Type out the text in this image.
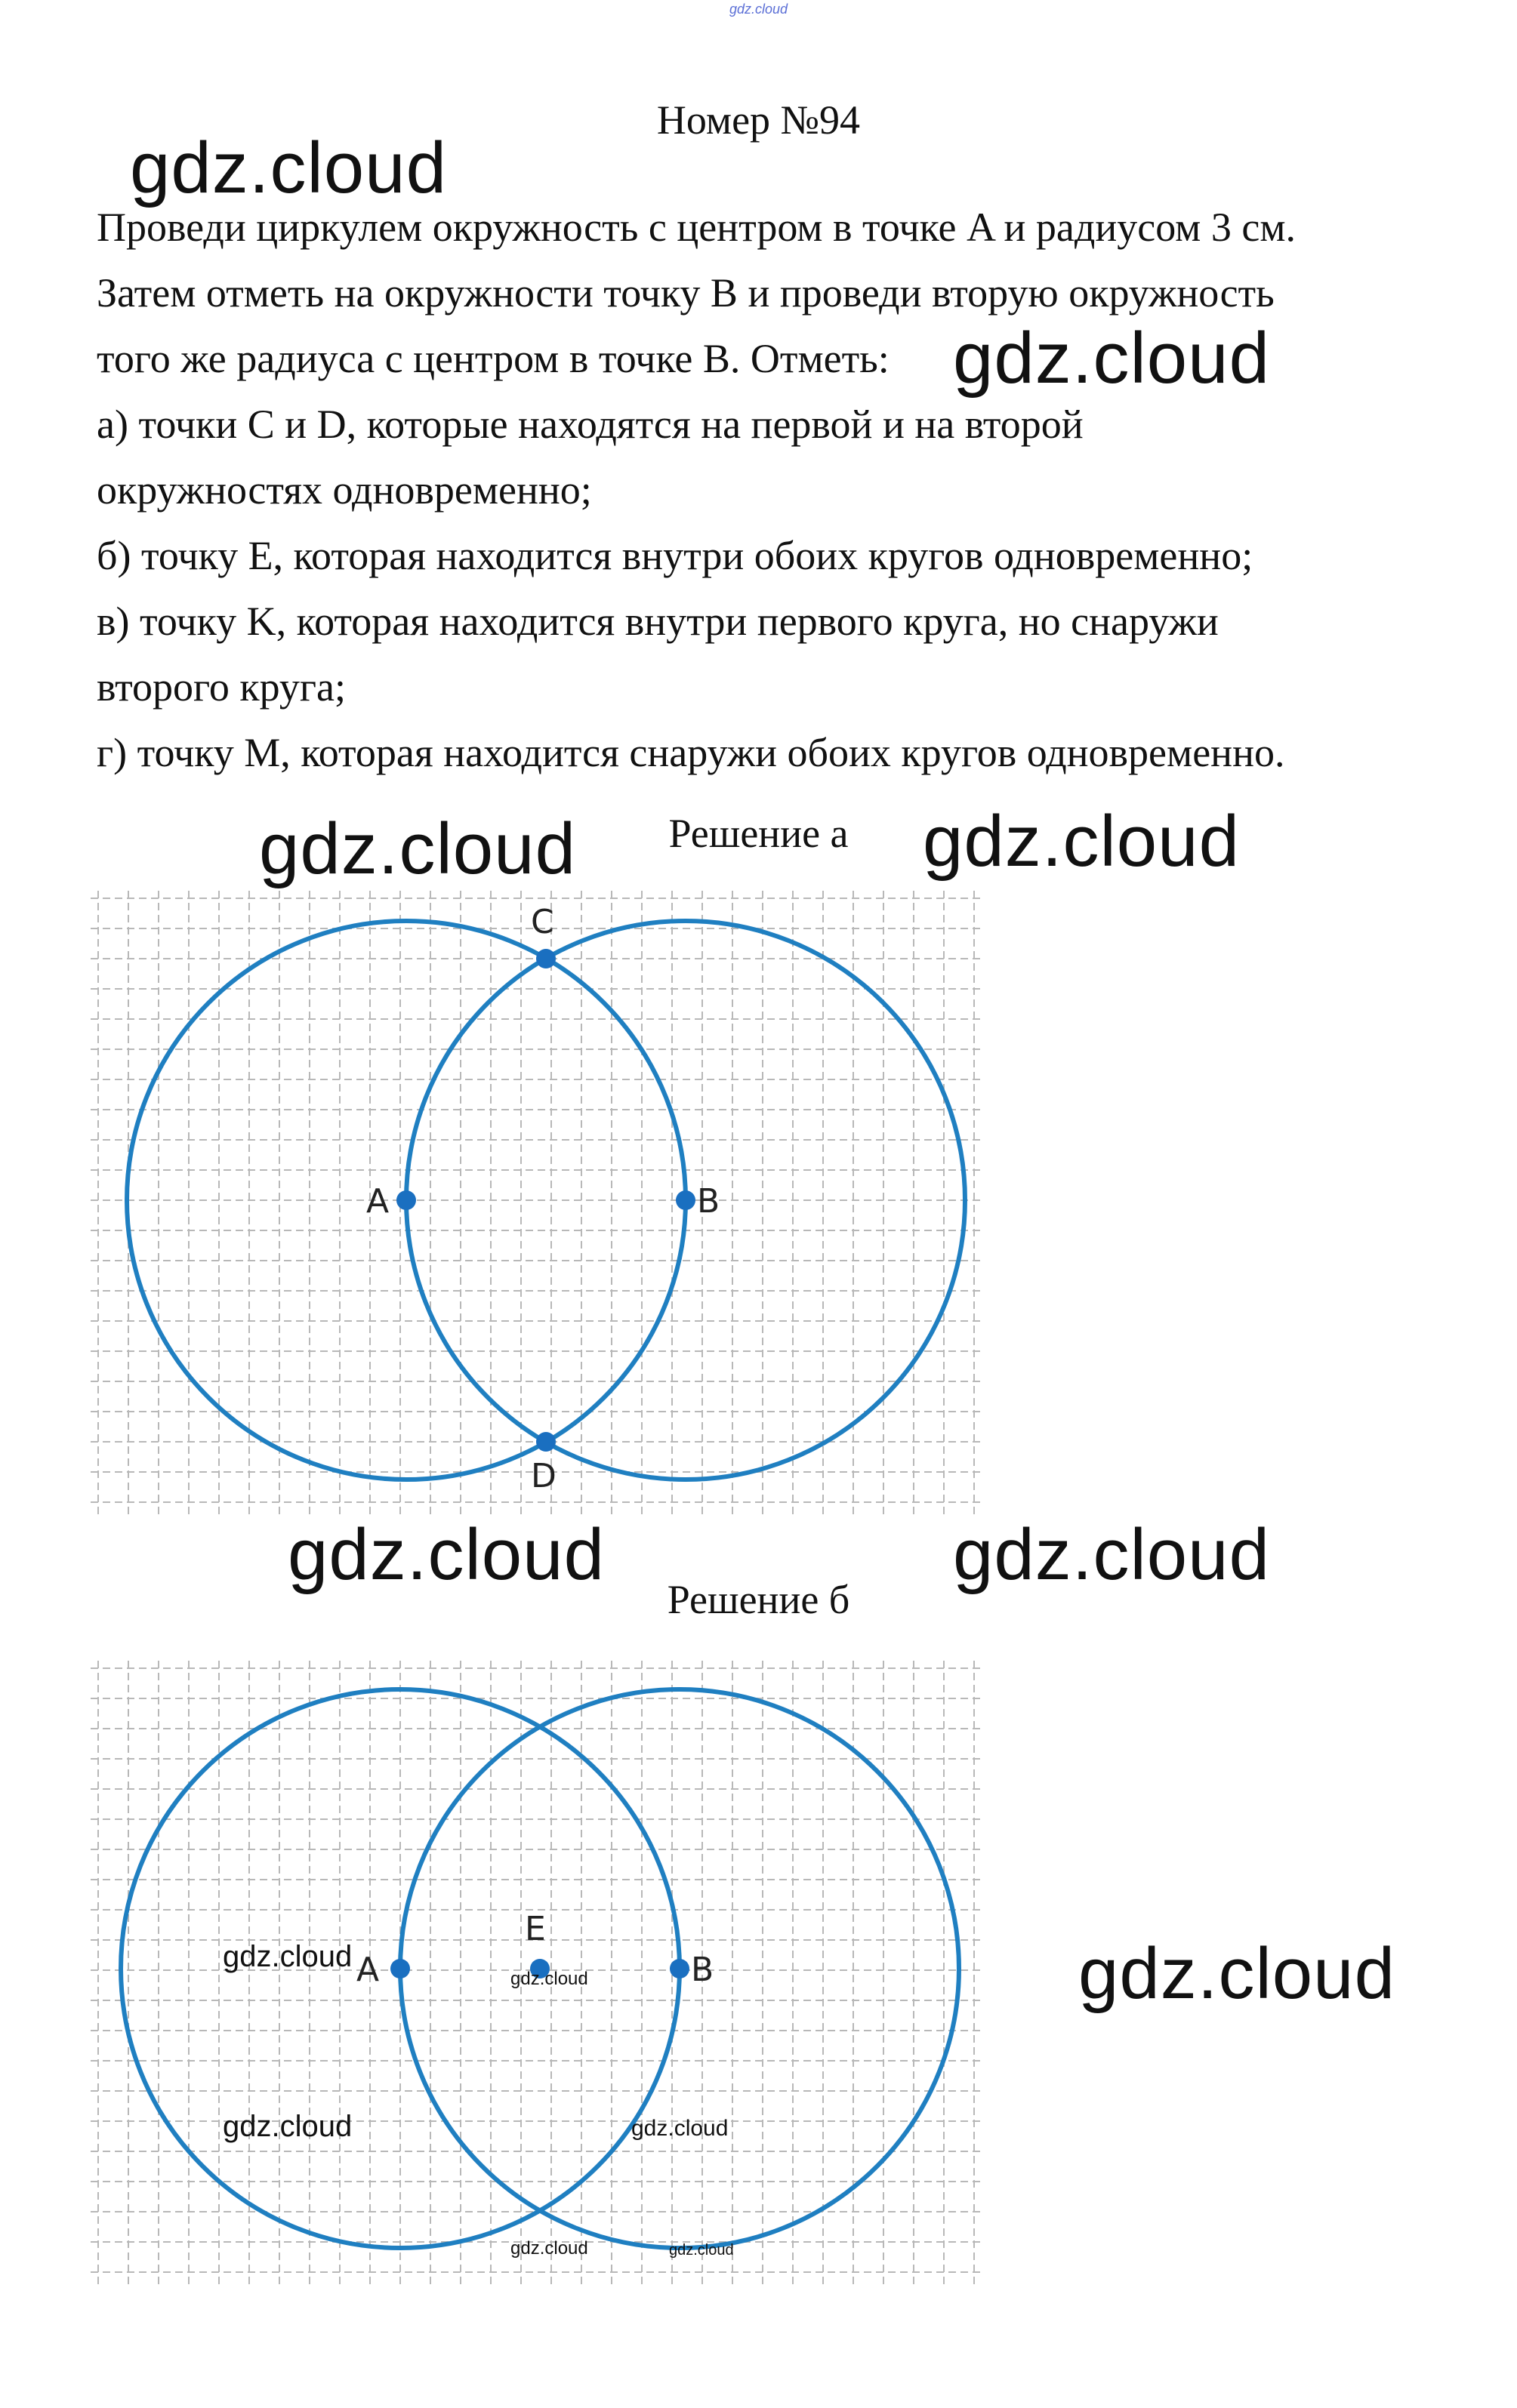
gdz.cloud
Номер №94

Проведи циркулем окружность с центром в точке A и радиусом 3 см.

Затем отметь на окружности точку B и проведи вторую окружность

того же радиуса с центром в точке B. Отметь:

а) точки C и D, которые находятся на первой и на второй

окружностях одновременно;

б) точку E, которая находится внутри обоих кругов одновременно;

в) точку K, которая находится внутри первого круга, но снаружи

второго круга;

г) точку M, которая находится снаружи обоих кругов одновременно.

gdz.cloud
gdz.cloud
gdz.cloud	gdz.cloud
gdz.cloud	gdz.cloud
gdz.cloud
Решение а
A	B
C
D
Решение б
A	B
E
gdz.cloud
gdz.cloud
gdz.cloud
gdz.cloud
gdz.cloud	gdz.cloud
